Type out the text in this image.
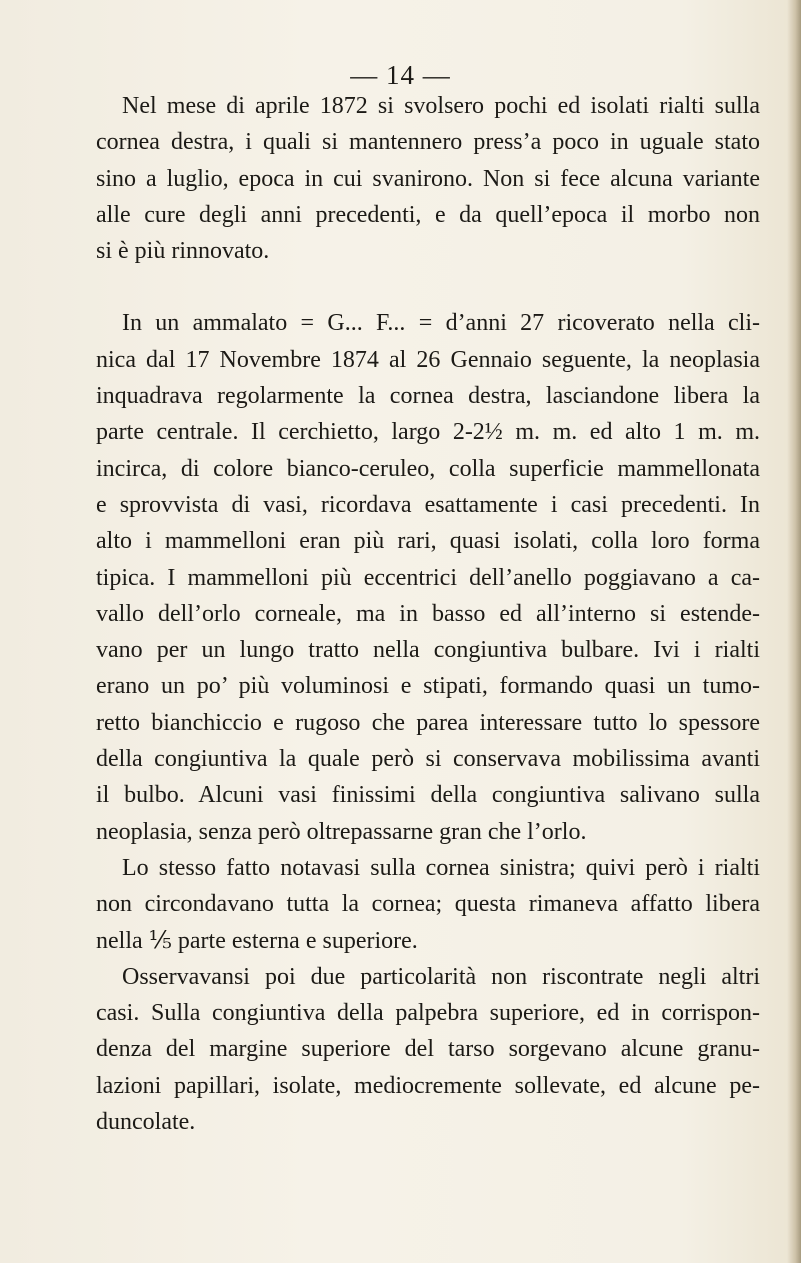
— 14 —
Nel mese di aprile 1872 si svolsero pochi ed isolati rialti sulla
cornea destra, i quali si mantennero press’a poco in uguale stato
sino a luglio, epoca in cui svanirono. Non si fece alcuna variante
alle cure degli anni precedenti, e da quell’epoca il morbo non
si è più rinnovato.
In un ammalato = G... F... = d’anni 27 ricoverato nella cli-
nica dal 17 Novembre 1874 al 26 Gennaio seguente, la neoplasia
inquadrava regolarmente la cornea destra, lasciandone libera la
parte centrale. Il cerchietto, largo 2-2½ m. m. ed alto 1 m. m.
incirca, di colore bianco-ceruleo, colla superficie mammellonata
e sprovvista di vasi, ricordava esattamente i casi precedenti. In
alto i mammelloni eran più rari, quasi isolati, colla loro forma
tipica. I mammelloni più eccentrici dell’anello poggiavano a ca-
vallo dell’orlo corneale, ma in basso ed all’interno si estende-
vano per un lungo tratto nella congiuntiva bulbare. Ivi i rialti
erano un po’ più voluminosi e stipati, formando quasi un tumo-
retto bianchiccio e rugoso che parea interessare tutto lo spessore
della congiuntiva la quale però si conservava mobilissima avanti
il bulbo. Alcuni vasi finissimi della congiuntiva salivano sulla
neoplasia, senza però oltrepassarne gran che l’orlo.
Lo stesso fatto notavasi sulla cornea sinistra; quivi però i rialti
non circondavano tutta la cornea; questa rimaneva affatto libera
nella ⅕ parte esterna e superiore.
Osservavansi poi due particolarità non riscontrate negli altri
casi. Sulla congiuntiva della palpebra superiore, ed in corrispon-
denza del margine superiore del tarso sorgevano alcune granu-
lazioni papillari, isolate, mediocremente sollevate, ed alcune pe-
duncolate.
